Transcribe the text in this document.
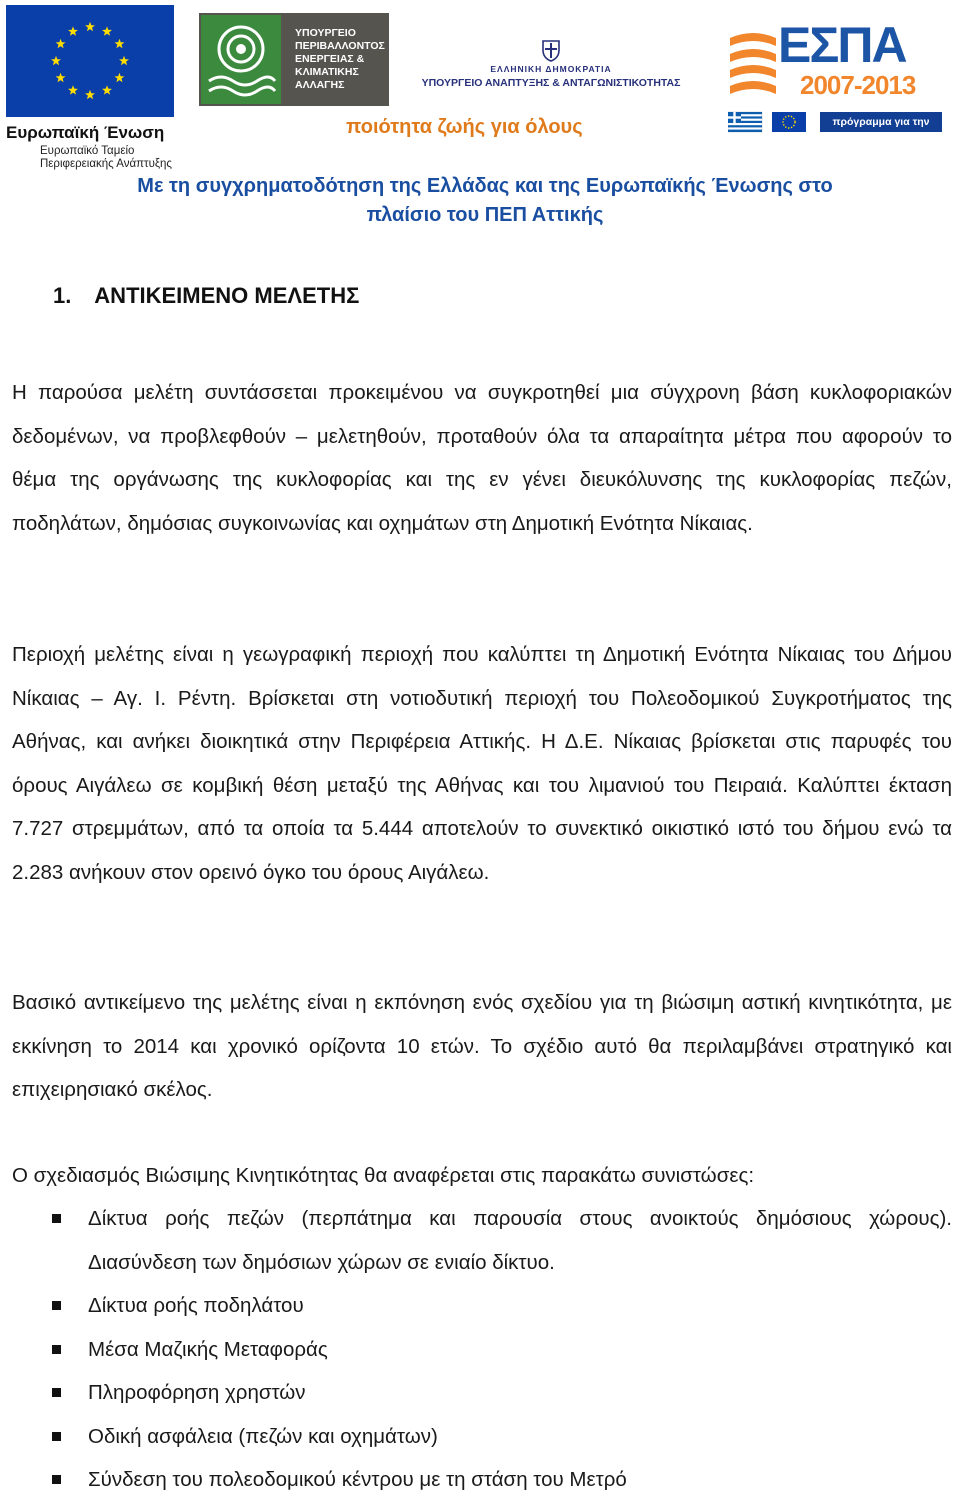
Ευρωπαϊκή Ένωση
Ευρωπαϊκό Ταμείο
Περιφερειακής Ανάπτυξης
ΥΠΟΥΡΓΕΙΟ
ΠΕΡΙΒΑΛΛΟΝΤΟΣ
ΕΝΕΡΓΕΙΑΣ &
ΚΛΙΜΑΤΙΚΗΣ
ΑΛΛΑΓΗΣ
ΕΛΛΗΝΙΚΗ ΔΗΜΟΚΡΑΤΙΑ
ΥΠΟΥΡΓΕΙΟ ΑΝΑΠΤΥΞΗΣ & ΑΝΤΑΓΩΝΙΣΤΙΚΟΤΗΤΑΣ
ΕΣΠΑ
2007-2013
πρόγραμμα για την ανάπτυξη
ποιότητα ζωής για όλους
Με τη συγχρηματοδότηση της Ελλάδας και της Ευρωπαϊκής Ένωσης στο
πλαίσιο του ΠΕΠ Αττικής
1. ΑΝΤΙΚΕΙΜΕΝΟ ΜΕΛΕΤΗΣ
Η παρούσα μελέτη συντάσσεται προκειμένου να συγκροτηθεί μια σύγχρονη βάση κυκλοφοριακών δεδομένων, να προβλεφθούν – μελετηθούν, προταθούν όλα τα απαραίτητα μέτρα που αφορούν το θέμα της οργάνωσης της κυκλοφορίας και της εν γένει διευκόλυνσης της κυκλοφορίας πεζών, ποδηλάτων, δημόσιας συγκοινωνίας και οχημάτων στη Δημοτική Ενότητα Νίκαιας.
Περιοχή μελέτης είναι η γεωγραφική περιοχή που καλύπτει τη Δημοτική Ενότητα Νίκαιας του Δήμου Νίκαιας – Αγ. Ι. Ρέντη. Βρίσκεται στη νοτιοδυτική περιοχή του Πολεοδομικού Συγκροτήματος της Αθήνας, και ανήκει διοικητικά στην Περιφέρεια Αττικής. Η Δ.Ε. Νίκαιας βρίσκεται στις παρυφές του όρους Αιγάλεω σε κομβική θέση μεταξύ της Αθήνας και του λιμανιού του Πειραιά. Καλύπτει έκταση 7.727 στρεμμάτων, από τα οποία τα 5.444 αποτελούν το συνεκτικό οικιστικό ιστό του δήμου ενώ τα 2.283 ανήκουν στον ορεινό όγκο του όρους Αιγάλεω.
Βασικό αντικείμενο της μελέτης είναι η εκπόνηση ενός σχεδίου για τη βιώσιμη αστική κινητικότητα, με εκκίνηση το 2014 και χρονικό ορίζοντα 10 ετών. Το σχέδιο αυτό θα περιλαμβάνει στρατηγικό και επιχειρησιακό σκέλος.
Ο σχεδιασμός Βιώσιμης Κινητικότητας θα αναφέρεται στις παρακάτω συνιστώσες:
Δίκτυα ροής πεζών (περπάτημα και παρουσία στους ανοικτούς δημόσιους χώρους). Διασύνδεση των δημόσιων χώρων σε ενιαίο δίκτυο.
Δίκτυα ροής ποδηλάτου
Μέσα Μαζικής Μεταφοράς
Πληροφόρηση χρηστών
Οδική ασφάλεια (πεζών και οχημάτων)
Σύνδεση του πολεοδομικού κέντρου με τη στάση του Μετρό
